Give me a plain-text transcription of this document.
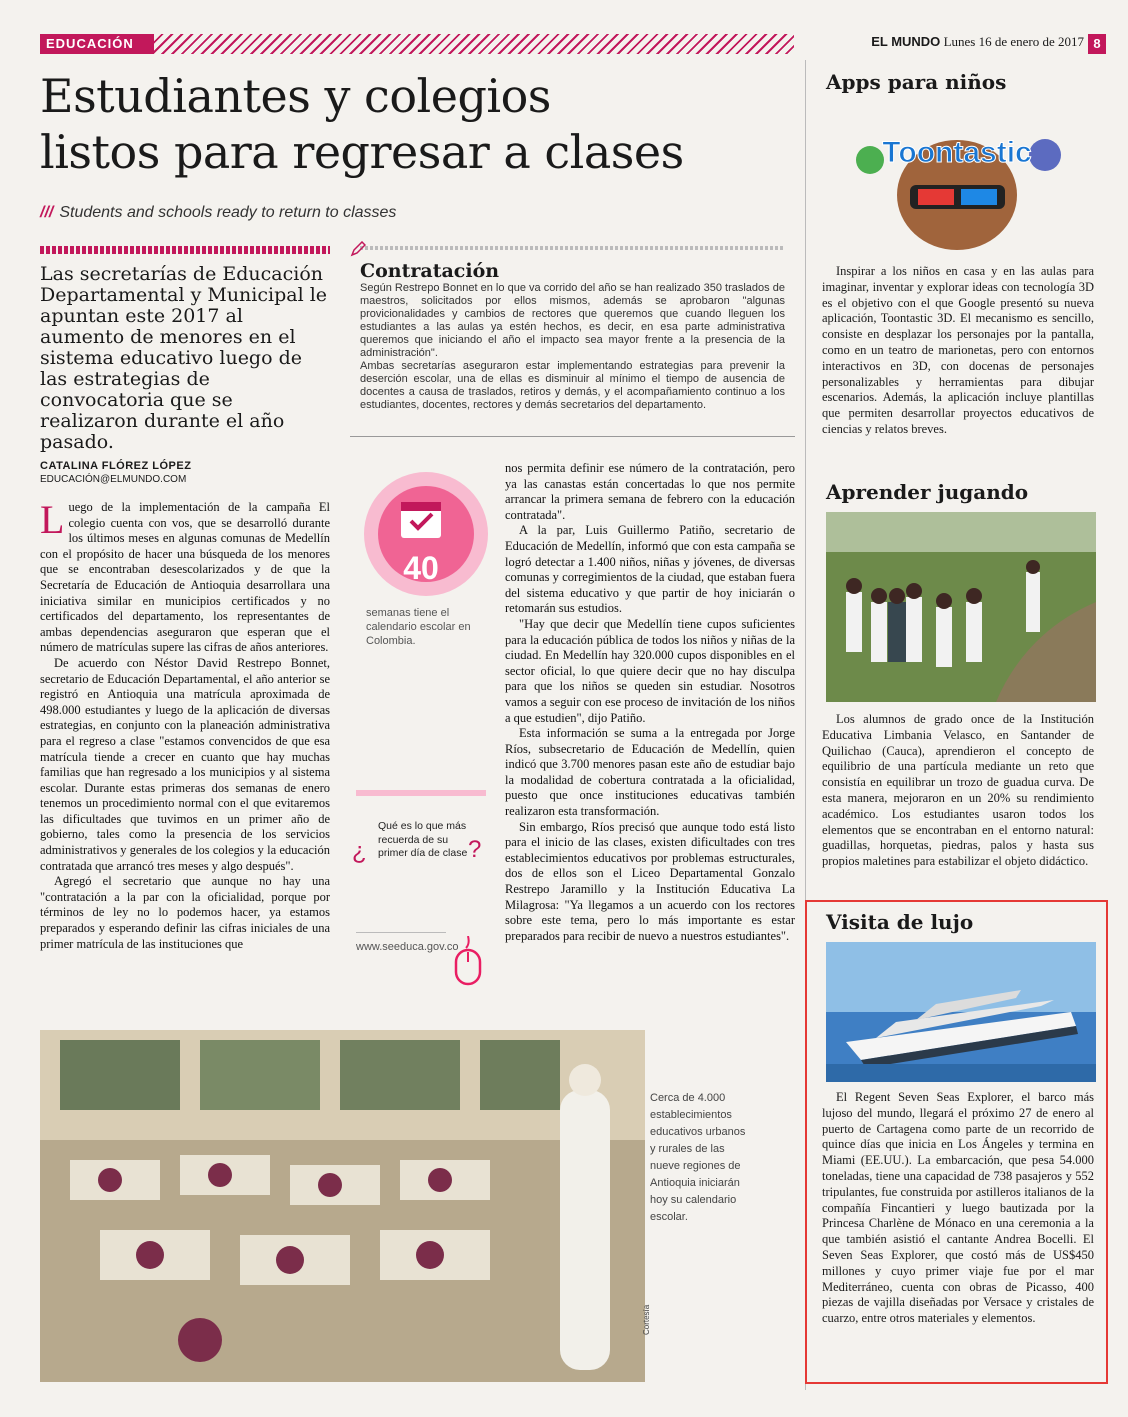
EDUCACIÓN	EL MUNDO Lunes 16 de enero de 2017 8
Estudiantes y colegios
listos para regresar a clases
/// Students and schools ready to return to classes
Las secretarías de Educación Departamental y Municipal le apuntan este 2017 al aumento de menores en el sistema educativo luego de las estrategias de convocatoria que se realizaron durante el año pasado.
Contratación
Según Restrepo Bonnet en lo que va corrido del año se han realizado 350 traslados de maestros, solicitados por ellos mismos, además se aprobaron "algunas provicionalidades y cambios de rectores que queremos que cuando lleguen los estudiantes a las aulas ya estén hechos, es decir, en esa parte administrativa queremos que iniciando el año el impacto sea mayor frente a la presencia de la administración".
Ambas secretarías aseguraron estar implementando estrategias para prevenir la deserción escolar, una de ellas es disminuir al mínimo el tiempo de ausencia de docentes a causa de traslados, retiros y demás, y el acompañamiento continuo a los estudiantes, docentes, rectores y demás secretarios del departamento.
CATALINA FLÓREZ LÓPEZ
EDUCACIÓN@ELMUNDO.COM

Luego de la implementación de la campaña El colegio cuenta con vos, que se desarrolló durante los últimos meses en algunas comunas de Medellín con el propósito de hacer una búsqueda de los menores que se encontraban desescolarizados y de que la Secretaría de Educación de Antioquia desarrollara una iniciativa similar en municipios certificados y no certificados del departamento, los representantes de ambas dependencias aseguraron que esperan que el número de matrículas supere las cifras de años anteriores.

De acuerdo con Néstor David Restrepo Bonnet, secretario de Educación Departamental, el año anterior se registró en Antioquia una matrícula aproximada de 498.000 estudiantes y luego de la aplicación de diversas estrategias, en conjunto con la planeación administrativa para el regreso a clase "estamos convencidos de que esa matrícula tiende a crecer en cuanto que hay muchas familias que han regresado a los municipios y al sistema escolar. Durante estas primeras dos semanas de enero tenemos un procedimiento normal con el que evitaremos las dificultades que tuvimos en un primer año de gobierno, tales como la presencia de los servicios administrativos y generales de los colegios y la educación contratada que arrancó tres meses y algo después".

Agregó el secretario que aunque no hay una "contratación a la par con la oficialidad, porque por términos de ley no lo podemos hacer, ya estamos preparados y esperando definir las cifras iniciales de una primer matrícula de las instituciones que

40
semanas tiene el calendario escolar en Colombia.
¿
Qué es lo que más recuerda de su primer día de clase ?
www.seeduca.gov.co

nos permita definir ese número de la contratación, pero ya las canastas están concertadas lo que nos permite arrancar la primera semana de febrero con la educación contratada".

A la par, Luis Guillermo Patiño, secretario de Educación de Medellín, informó que con esta campaña se logró detectar a 1.400 niños, niñas y jóvenes, de diversas comunas y corregimientos de la ciudad, que estaban fuera del sistema educativo y que partir de hoy iniciarán o retomarán sus estudios.

"Hay que decir que Medellín tiene cupos suficientes para la educación pública de todos los niños y niñas de la ciudad. En Medellín hay 320.000 cupos disponibles en el sector oficial, lo que quiere decir que no hay disculpa para que los niños se queden sin estudiar. Nosotros vamos a seguir con ese proceso de invitación de los niños a que estudien", dijo Patiño.

Esta información se suma a la entregada por Jorge Ríos, subsecretario de Educación de Medellín, quien indicó que 3.700 menores pasan este año de estudiar bajo la modalidad de cobertura contratada a la oficialidad, puesto que once instituciones educativas también realizaron esta transformación.

Sin embargo, Ríos precisó que aunque todo está listo para el inicio de las clases, existen dificultades con tres establecimientos educativos por problemas estructurales, dos de ellos son el Liceo Departamental Gonzalo Restrepo Jaramillo y la Institución Educativa La Milagrosa: "Ya llegamos a un acuerdo con los rectores sobre este tema, pero lo más importante es estar preparados para recibir de nuevo a nuestros estudiantes".

Cerca de 4.000 establecimientos educativos urbanos y rurales de las nueve regiones de Antioquia iniciarán hoy su calendario escolar.
Cortesía
Apps para niños
Toontastic
Inspirar a los niños en casa y en las aulas para imaginar, inventar y explorar ideas con tecnología 3D es el objetivo con el que Google presentó su nueva aplicación, Toontastic 3D. El mecanismo es sencillo, consiste en desplazar los personajes por la pantalla, como en un teatro de marionetas, pero con entornos interactivos en 3D, con docenas de personajes personalizables y herramientas para dibujar escenarios. Además, la aplicación incluye plantillas que permiten desarrollar proyectos educativos de ciencias y relatos breves.
Aprender jugando
Los alumnos de grado once de la Institución Educativa Limbania Velasco, en Santander de Quilichao (Cauca), aprendieron el concepto de equilibrio de una partícula mediante un reto que consistía en equilibrar un trozo de guadua curva. De esta manera, mejoraron en un 20% su rendimiento académico. Los estudiantes usaron todos los elementos que se encontraban en el entorno natural: guadillas, horquetas, piedras, palos y hasta sus propios maletines para estabilizar el objeto didáctico.
Visita de lujo
El Regent Seven Seas Explorer, el barco más lujoso del mundo, llegará el próximo 27 de enero al puerto de Cartagena como parte de un recorrido de quince días que inicia en Los Ángeles y termina en Miami (EE.UU.). La embarcación, que pesa 54.000 toneladas, tiene una capacidad de 738 pasajeros y 552 tripulantes, fue construida por astilleros italianos de la compañía Fincantieri y luego bautizada por la Princesa Charlène de Mónaco en una ceremonia a la que también asistió el cantante Andrea Bocelli. El Seven Seas Explorer, que costó más de US$450 millones y cuyo primer viaje fue por el mar Mediterráneo, cuenta con obras de Picasso, 400 piezas de vajilla diseñadas por Versace y cristales de cuarzo, entre otros materiales y elementos.
